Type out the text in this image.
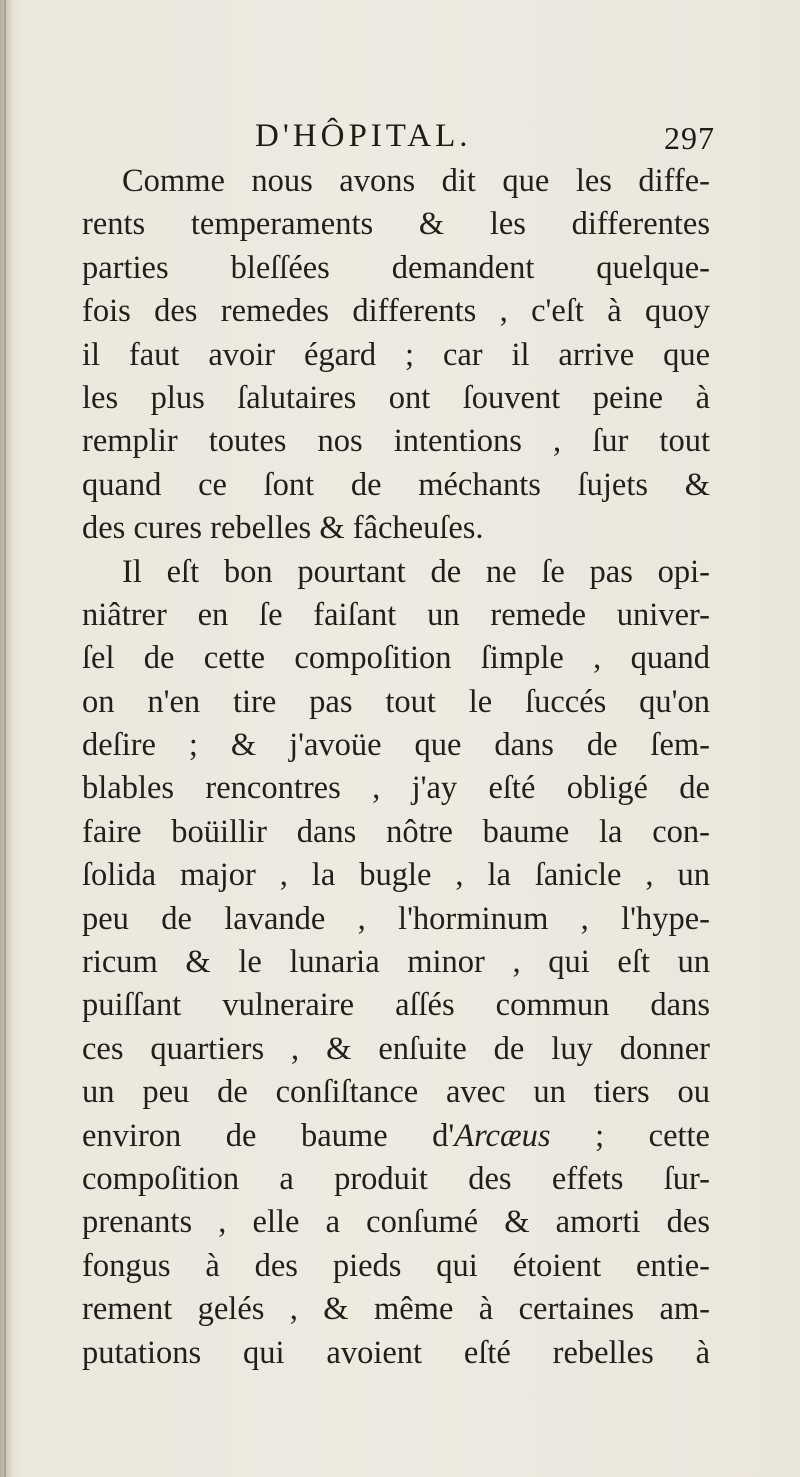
D'HÔPITAL.	297
Comme nous avons dit que les diffe-
rents temperaments & les differentes
parties bleſſées demandent quelque-
fois des remedes differents , c'eſt à quoy
il faut avoir égard ; car il arrive que
les plus ſalutaires ont ſouvent peine à
remplir toutes nos intentions , ſur tout
quand ce ſont de méchants ſujets &
des cures rebelles & fâcheuſes.
Il eſt bon pourtant de ne ſe pas opi-
niâtrer en ſe faiſant un remede univer-
ſel de cette compoſition ſimple , quand
on n'en tire pas tout le ſuccés qu'on
deſire ; & j'avoüe que dans de ſem-
blables rencontres , j'ay eſté obligé de
faire boüillir dans nôtre baume la con-
ſolida major , la bugle , la ſanicle , un
peu de lavande , l'horminum , l'hype-
ricum & le lunaria minor , qui eſt un
puiſſant vulneraire aſſés commun dans
ces quartiers , & enſuite de luy donner
un peu de conſiſtance avec un tiers ou
environ de baume d'Arcæus ; cette
compoſition a produit des effets ſur-
prenants , elle a conſumé & amorti des
fongus à des pieds qui étoient entie-
rement gelés , & même à certaines am-
putations qui avoient eſté rebelles à
